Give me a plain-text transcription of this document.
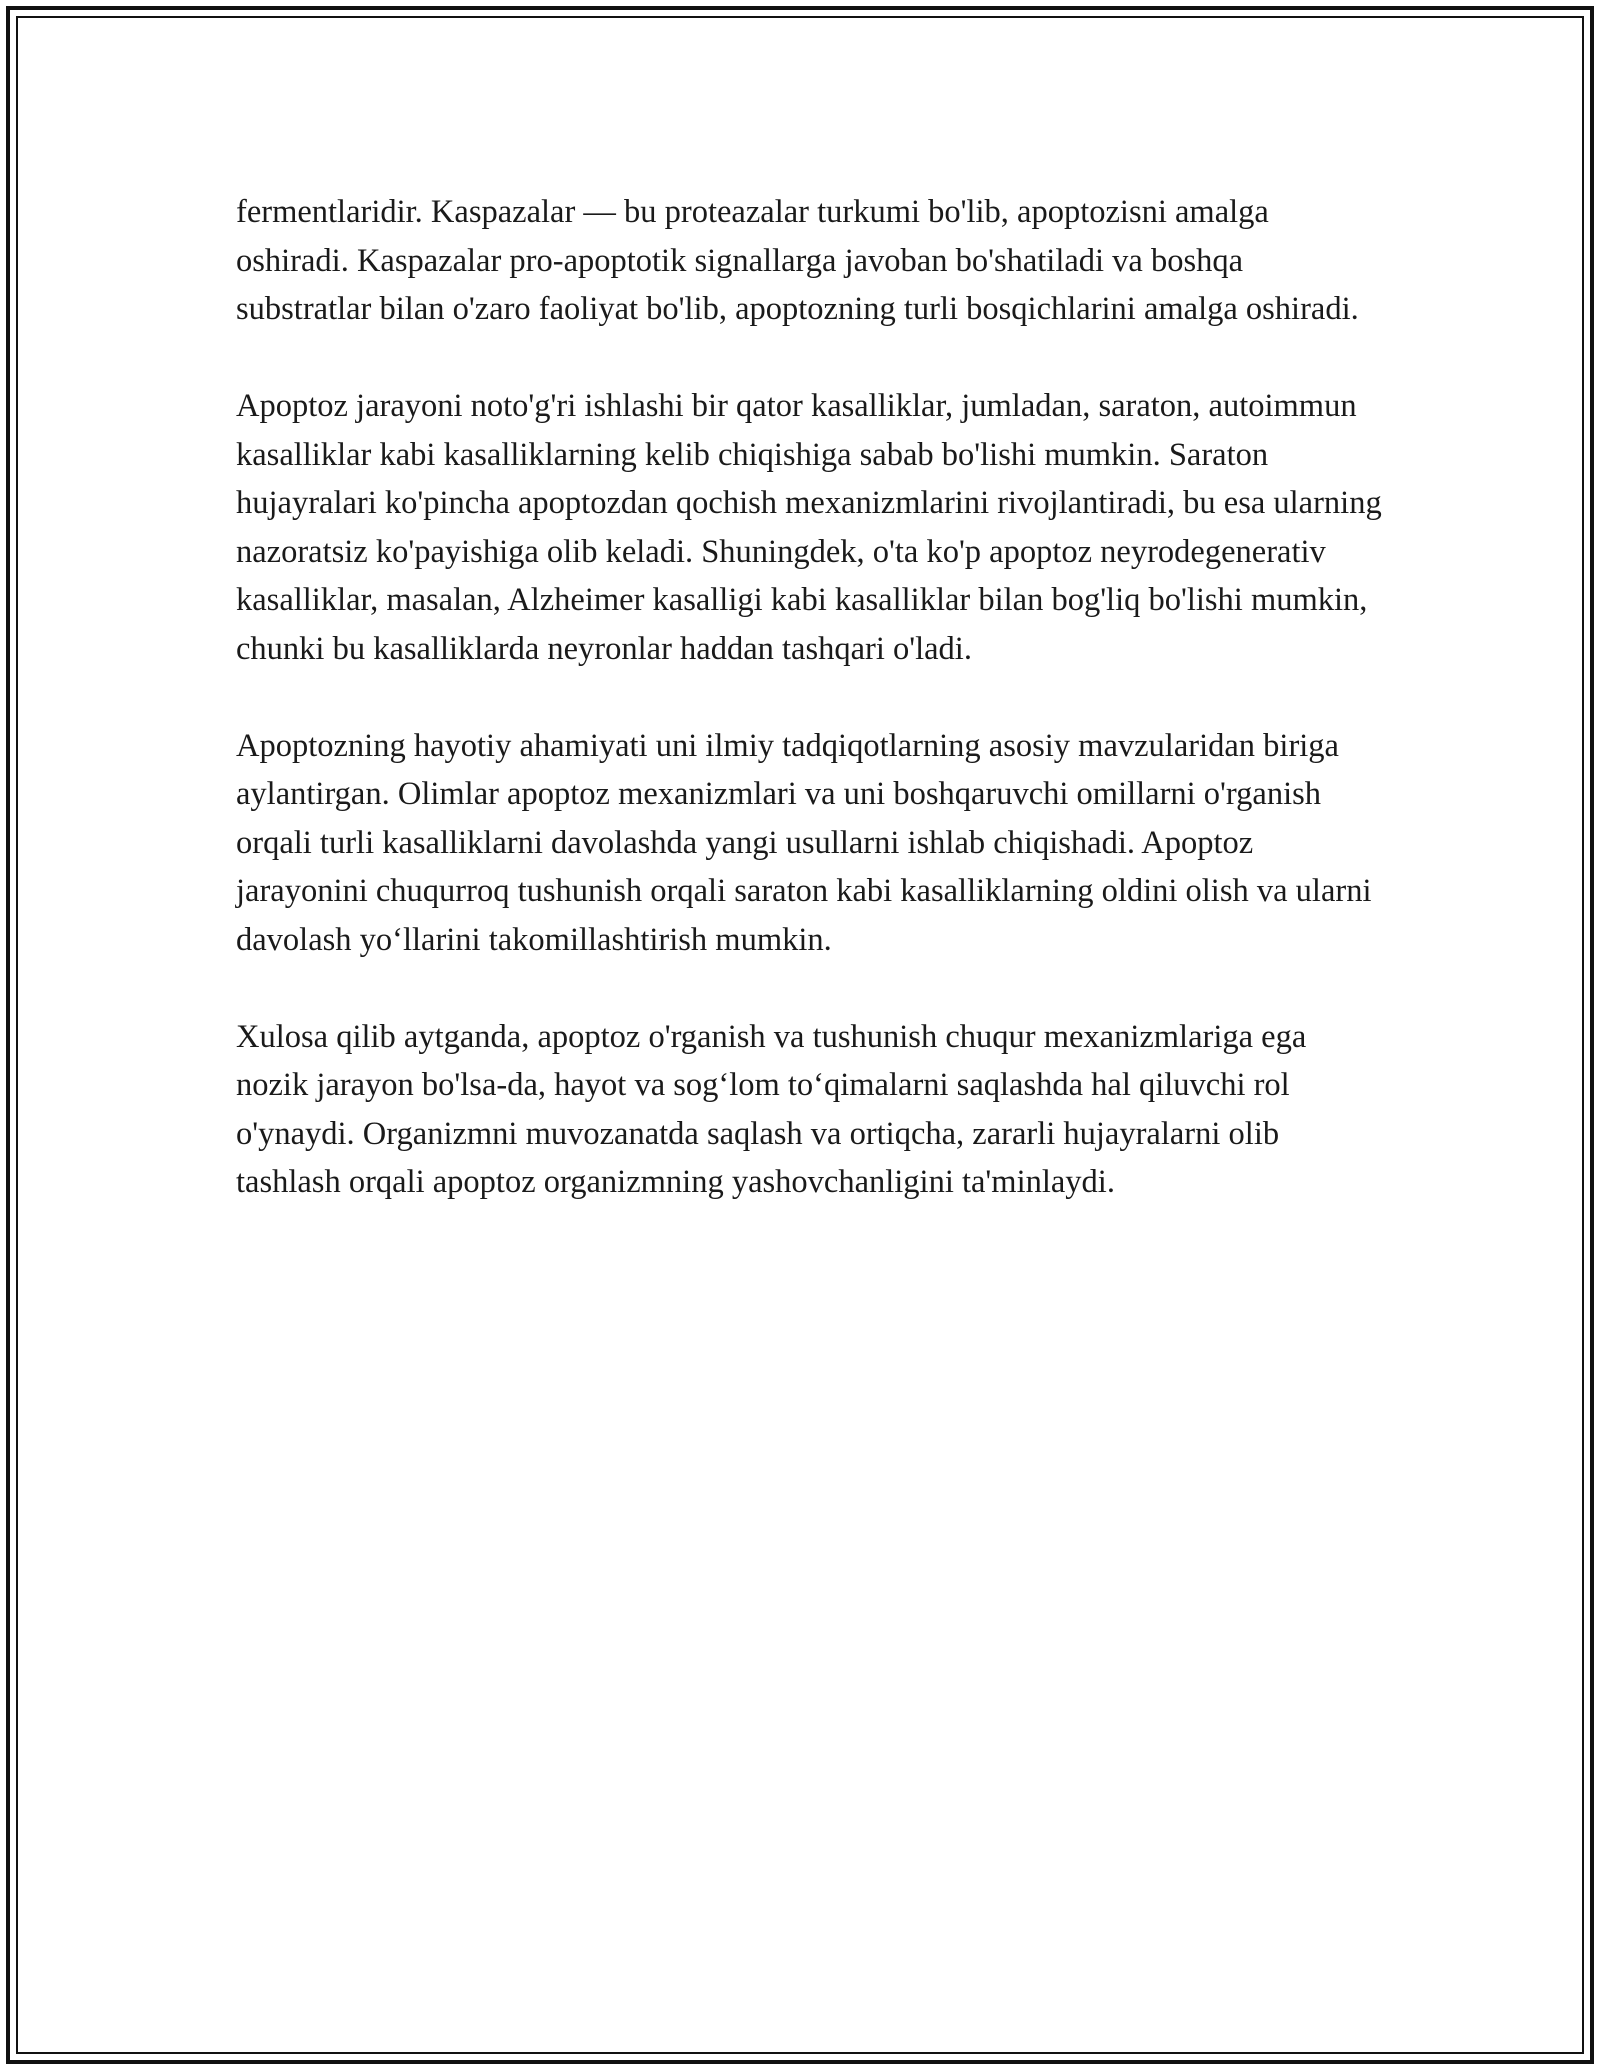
fermentlaridir. Kaspazalar — bu proteazalar turkumi bo'lib, apoptozisni amalga oshiradi. Kaspazalar pro-apoptotik signallarga javoban bo'shatiladi va boshqa substratlar bilan o'zaro faoliyat bo'lib, apoptozning turli bosqichlarini amalga oshiradi.

Apoptoz jarayoni noto'g'ri ishlashi bir qator kasalliklar, jumladan, saraton, autoimmun kasalliklar kabi kasalliklarning kelib chiqishiga sabab bo'lishi mumkin. Saraton hujayralari ko'pincha apoptozdan qochish mexanizmlarini rivojlantiradi, bu esa ularning nazoratsiz ko'payishiga olib keladi. Shuningdek, o'ta ko'p apoptoz neyrodegenerativ kasalliklar, masalan, Alzheimer kasalligi kabi kasalliklar bilan bog'liq bo'lishi mumkin, chunki bu kasalliklarda neyronlar haddan tashqari o'ladi.

Apoptozning hayotiy ahamiyati uni ilmiy tadqiqotlarning asosiy mavzularidan biriga aylantirgan. Olimlar apoptoz mexanizmlari va uni boshqaruvchi omillarni o'rganish orqali turli kasalliklarni davolashda yangi usullarni ishlab chiqishadi. Apoptoz jarayonini chuqurroq tushunish orqali saraton kabi kasalliklarning oldini olish va ularni davolash yo‘llarini takomillashtirish mumkin.

Xulosa qilib aytganda, apoptoz o'rganish va tushunish chuqur mexanizmlariga ega nozik jarayon bo'lsa-da, hayot va sog‘lom to‘qimalarni saqlashda hal qiluvchi rol o'ynaydi. Organizmni muvozanatda saqlash va ortiqcha, zararli hujayralarni olib tashlash orqali apoptoz organizmning yashovchanligini ta'minlaydi.
